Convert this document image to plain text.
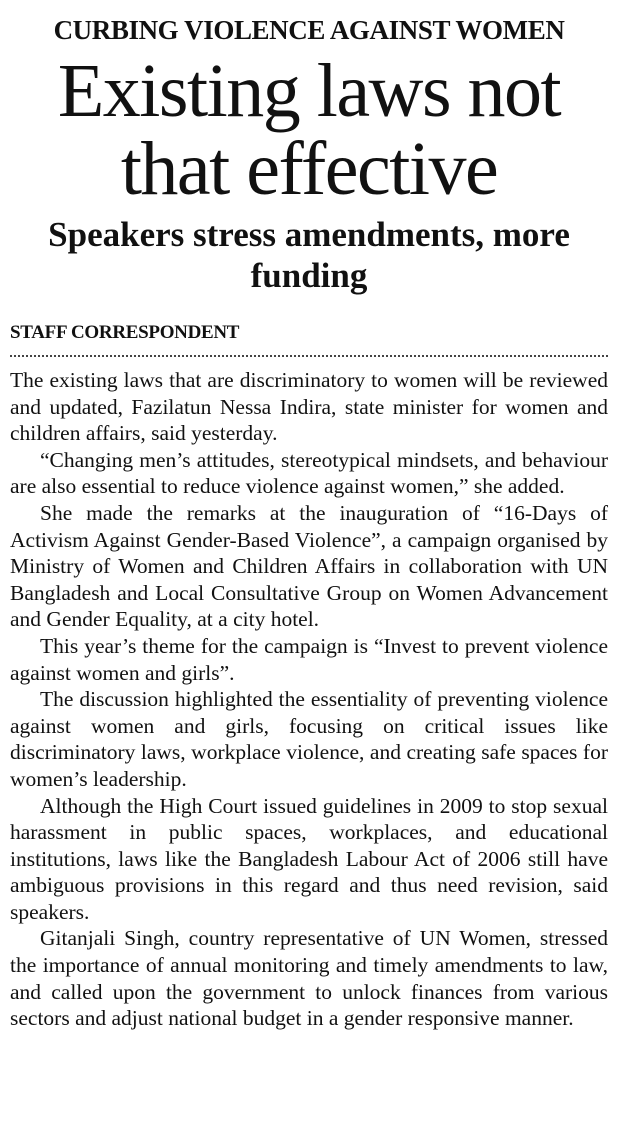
CURBING VIOLENCE AGAINST WOMEN
Existing laws not that effective
Speakers stress amendments, more funding
STAFF CORRESPONDENT

The existing laws that are discriminatory to women will be reviewed and updated, Fazilatun Nessa Indira, state minister for women and children affairs, said yesterday.

“Changing men’s attitudes, stereotypical mindsets, and behaviour are also essential to reduce violence against women,” she added.

She made the remarks at the inauguration of “16-Days of Activism Against Gender-Based Violence”, a campaign organised by Ministry of Women and Children Affairs in collaboration with UN Bangladesh and Local Consultative Group on Women Advancement and Gender Equality, at a city hotel.

This year’s theme for the campaign is “Invest to prevent violence against women and girls”.

The discussion highlighted the essentiality of preventing violence against women and girls, focusing on critical issues like discriminatory laws, workplace violence, and creating safe spaces for women’s leadership.

Although the High Court issued guidelines in 2009 to stop sexual harassment in public spaces, workplaces, and educational institutions, laws like the Bangladesh Labour Act of 2006 still have ambiguous provisions in this regard and thus need revision, said speakers.

Gitanjali Singh, country representative of UN Women, stressed the importance of annual monitoring and timely amendments to law, and called upon the government to unlock finances from various sectors and adjust national budget in a gender responsive manner.
